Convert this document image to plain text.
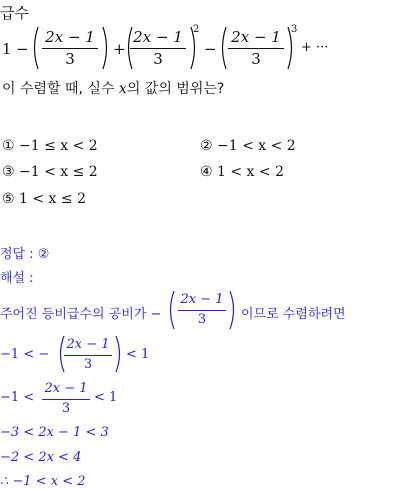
급수
1 −
2x − 1
3
+
2x − 1
3
2
−
2x − 1
3
3
+ ···
이 수렴할 때, 실수 x의 값의 범위는?
① −1 ≤ x < 2	② −1 < x < 2
③ −1 < x ≤ 2	④ 1 < x < 2
⑤ 1 < x ≤ 2
정답 : ②
해설 :
주어진 등비급수의 공비가 −
2x − 1
3	이므로 수렴하려면
−1 < −
2x − 1
3
< 1
−1 <
2x − 1
3
< 1
−3 < 2x − 1 < 3
−2 < 2x < 4
∴ −1 < x < 2
